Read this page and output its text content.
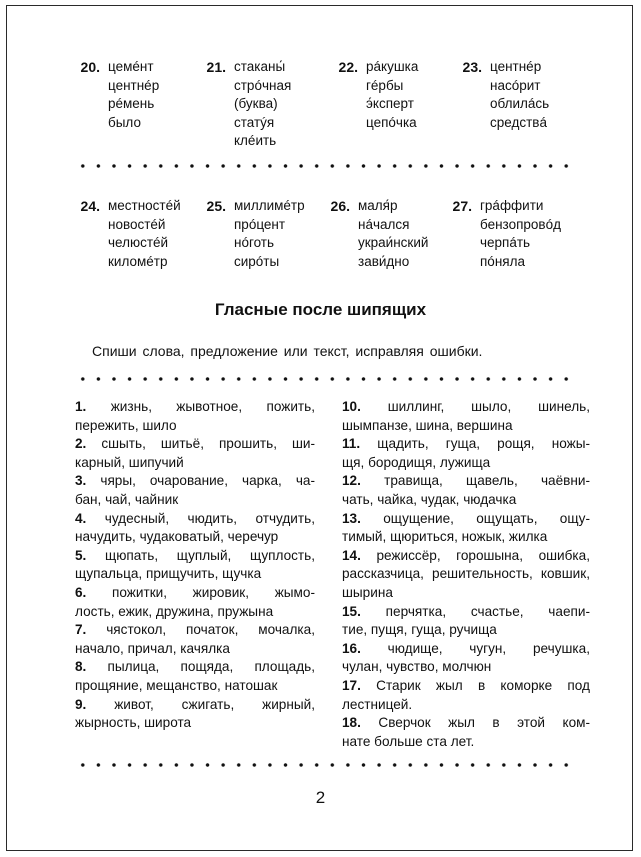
20. цемéнт
центнéр
рéмень
было
21. стаканы́
стрóчная
(буква)
статýя
клéить
22. рáкушка
гéрбы
э́ксперт
цепóчка
23. центнéр
насóрит
облилáсь
средствá
24. местностéй
новостéй
челюстéй
киломéтр
25. миллимéтр
прóцент
нóготь
сирóты
26. маля́р
нáчался
украи́нский
зави́дно
27. грáффити
бензопровóд
черпáть
пóняла
Гласные после шипящих
Спиши слова, предложение или текст, исправляя ошибки.
1. жизнь, жывотное, пожить,
пережить, шило
2. сшыть, шитьё, прошить, ши-
карный, шипучий
3. чяры, очарование, чарка, ча-
бан, чай, чайник
4. чудесный, чюдить, отчудить,
начудить, чудаковатый, черечур
5. щюпать, щуплый, щуплость,
щупальца, прищучить, щучка
6. пожитки, жировик, жымо-
лость, ежик, дружина, пружына
7. чястокол, початок, мочалка,
начало, причал, качялка
8. пылица, пощяда, площадь,
прощяние, мещанство, натошак
9. живот, сжигать, жирный,
жырность, широта
10. шиллинг, шыло, шинель,
шымпанзе, шина, вершина
11. щадить, гуща, рощя, ножы-
щя, бородищя, лужища
12. травища, щавель, чаёвни-
чать, чайка, чудак, чюдачка
13. ощущение, ощущать, ощу-
тимый, щюриться, ножык, жилка
14. режиссёр, горошына, ошибка,
рассказчица, решительность, ковшик, шырина
15. перчятка, счастье, чаепи-
тие, пущя, гуща, ручища
16. чюдище, чугун, речушка,
чулан, чувство, молчюн
17. Старик жыл в коморке под
лестницей.
18. Сверчок жыл в этой ком-
нате больше ста лет.
2
